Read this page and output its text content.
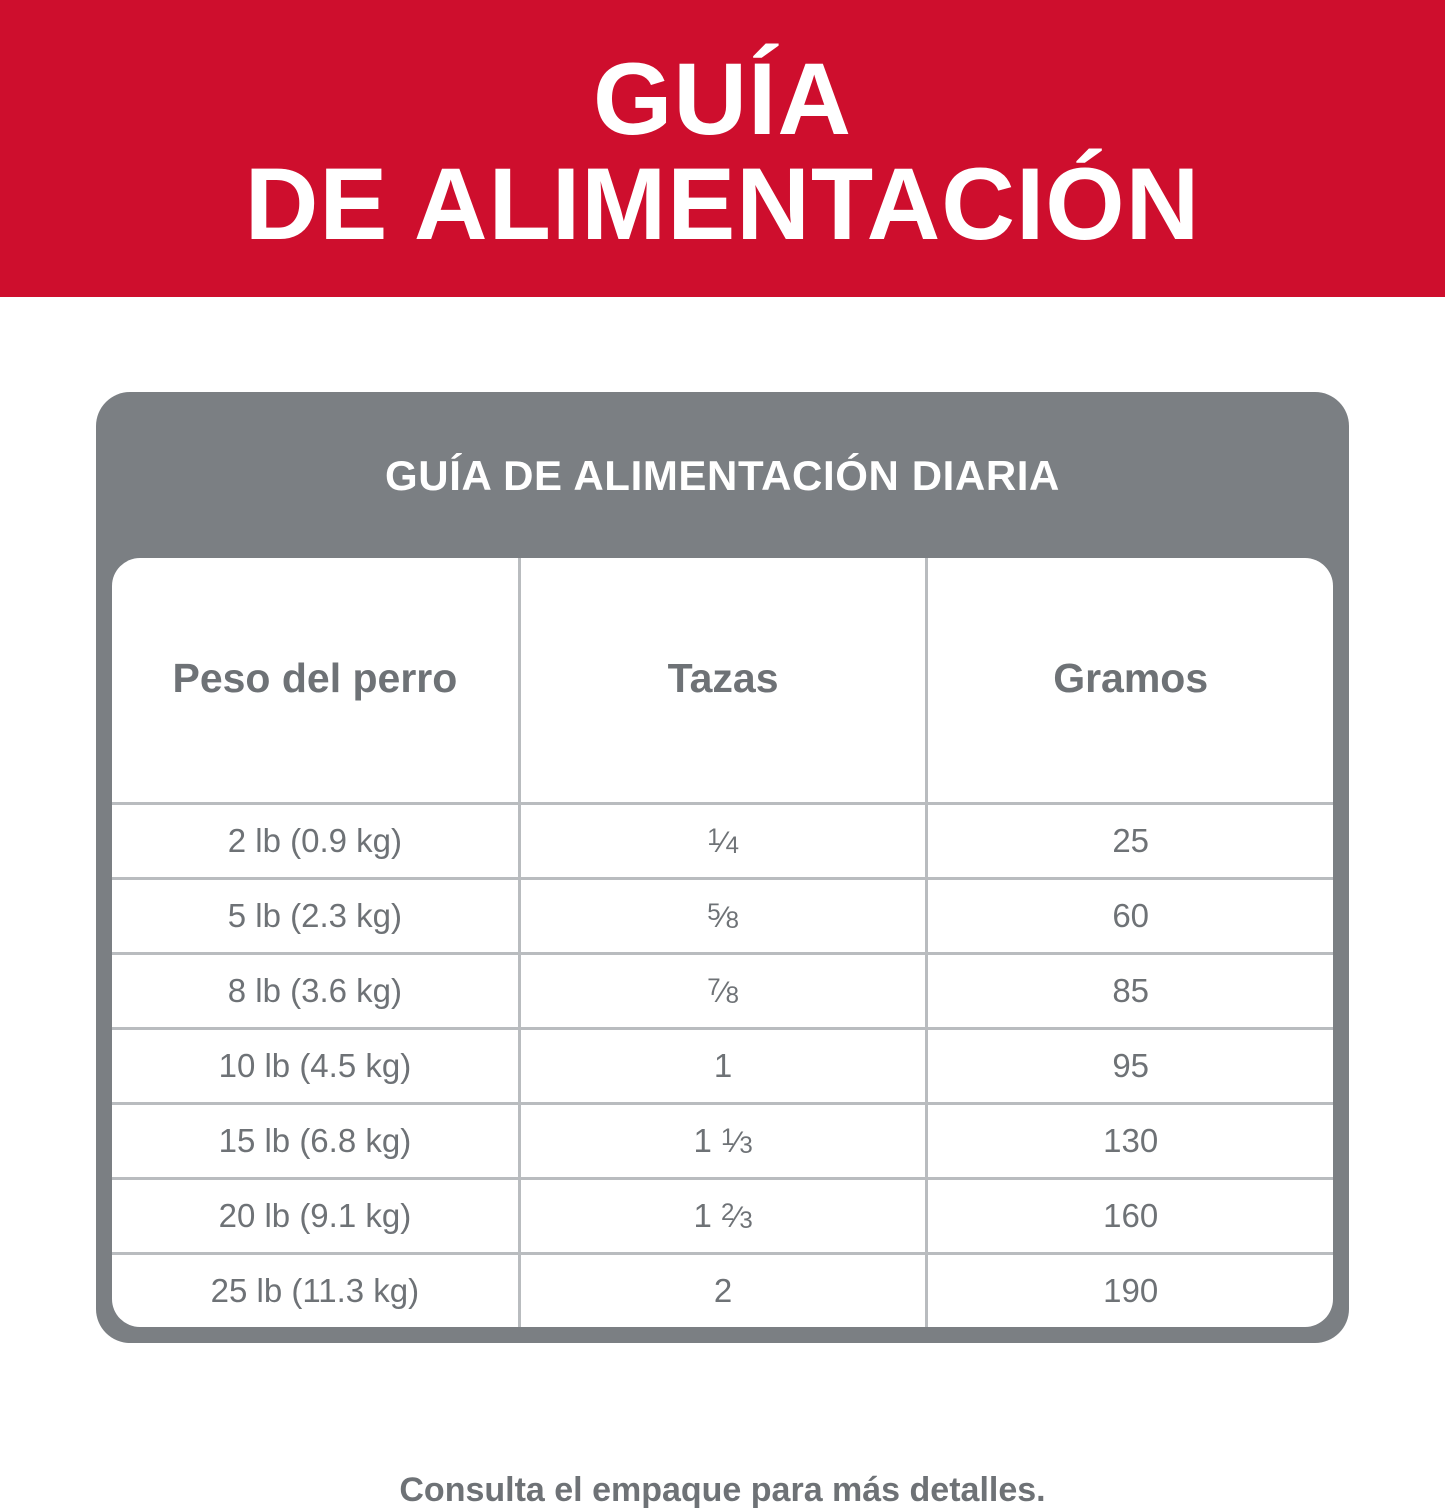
GUÍA
DE ALIMENTACIÓN
GUÍA DE ALIMENTACIÓN DIARIA
Peso del perro	Tazas	Gramos
2 lb (0.9 kg)	$^1⁄_4$	25
5 lb (2.3 kg)	$^5⁄_8$	60
8 lb (3.6 kg)	$^7⁄_8$	85
10 lb (4.5 kg)	1	95
15 lb (6.8 kg)	1 $^1⁄_3$	130
20 lb (9.1 kg)	1 $^2⁄_3$	160
25 lb (11.3 kg)	2	190
Consulta el empaque para más detalles.
